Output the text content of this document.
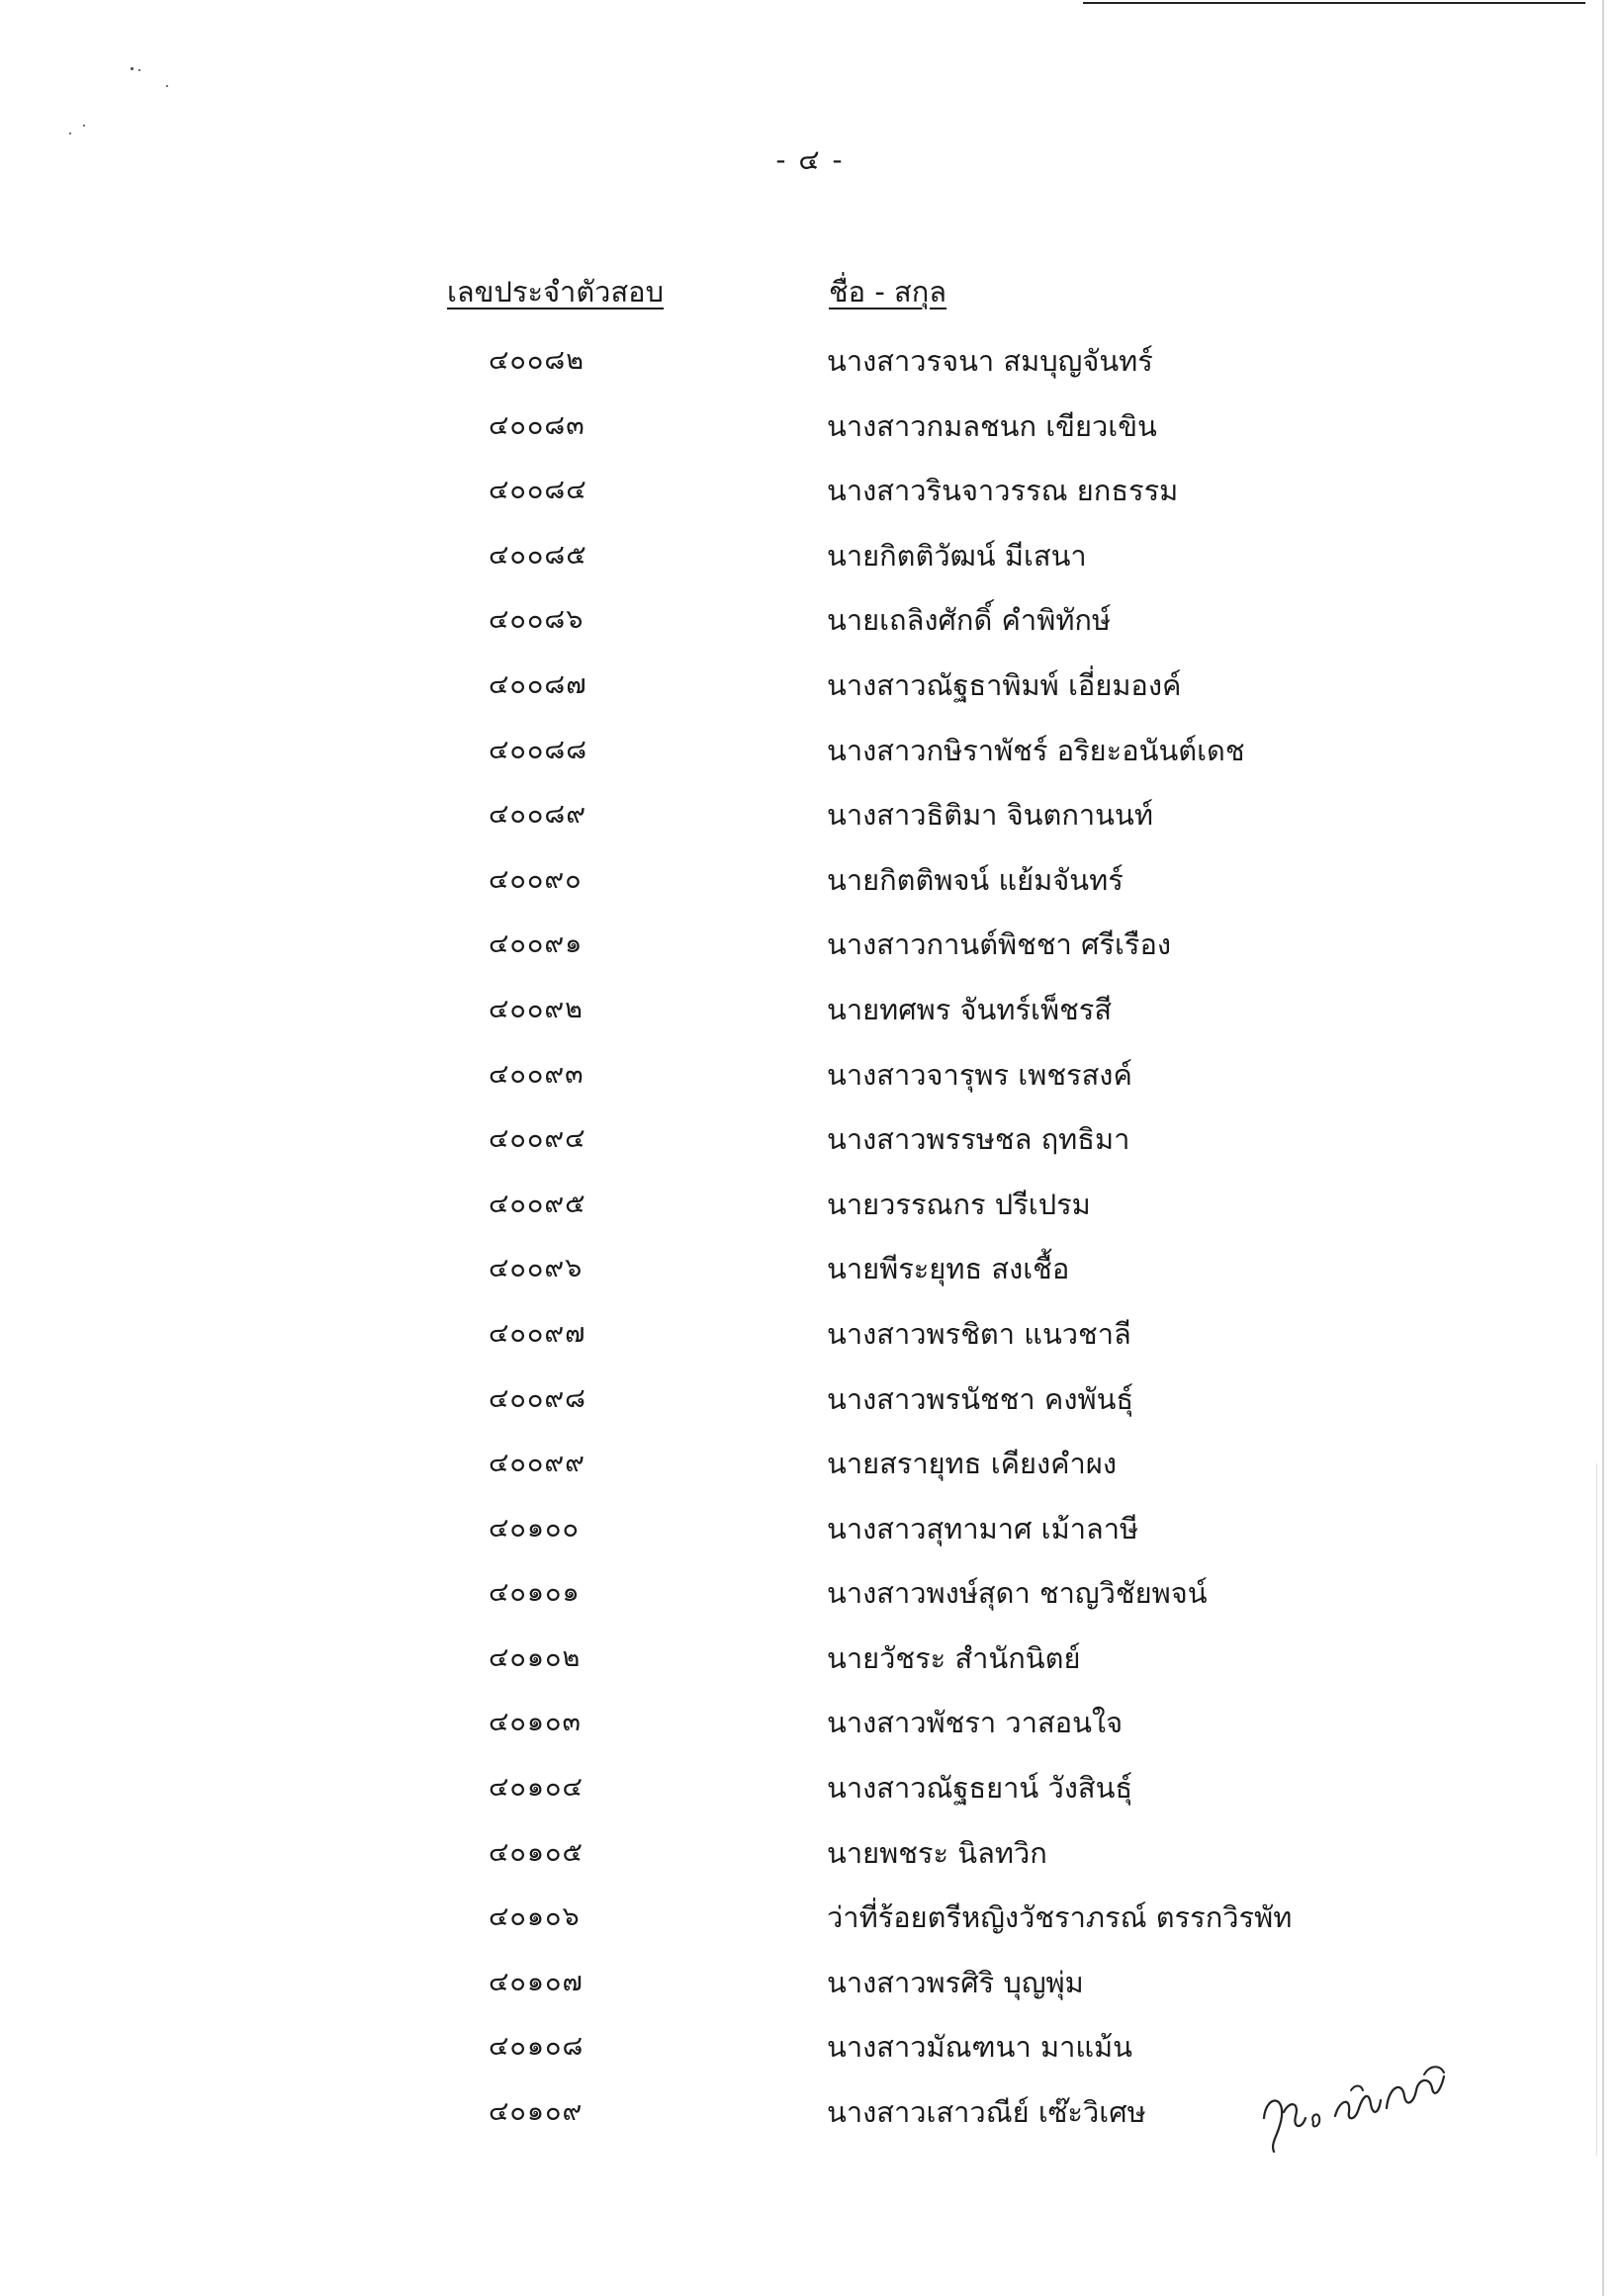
- ๔ -
เลขประจำตัวสอบ	ชื่อ - สกุล
๔๐๐๘๒	นางสาวรจนา สมบุญจันทร์
๔๐๐๘๓	นางสาวกมลชนก เขียวเขิน
๔๐๐๘๔	นางสาวรินจาวรรณ ยกธรรม
๔๐๐๘๕	นายกิตติวัฒน์ มีเสนา
๔๐๐๘๖	นายเถลิงศักดิ์ คำพิทักษ์
๔๐๐๘๗	นางสาวณัฐธาพิมพ์ เอี่ยมองค์
๔๐๐๘๘	นางสาวกษิราพัชร์ อริยะอนันต์เดช
๔๐๐๘๙	นางสาวธิติมา จินตกานนท์
๔๐๐๙๐	นายกิตติพจน์ แย้มจันทร์
๔๐๐๙๑	นางสาวกานต์พิชชา ศรีเรือง
๔๐๐๙๒	นายทศพร จันทร์เพ็ชรสี
๔๐๐๙๓	นางสาวจารุพร เพชรสงค์
๔๐๐๙๔	นางสาวพรรษชล ฤทธิมา
๔๐๐๙๕	นายวรรณกร ปรีเปรม
๔๐๐๙๖	นายพีระยุทธ สงเชื้อ
๔๐๐๙๗	นางสาวพรชิตา แนวชาลี
๔๐๐๙๘	นางสาวพรนัชชา คงพันธุ์
๔๐๐๙๙	นายสรายุทธ เคียงคำผง
๔๐๑๐๐	นางสาวสุทามาศ เม้าลาษี
๔๐๑๐๑	นางสาวพงษ์สุดา ชาญวิชัยพจน์
๔๐๑๐๒	นายวัชระ สำนักนิตย์
๔๐๑๐๓	นางสาวพัชรา วาสอนใจ
๔๐๑๐๔	นางสาวณัฐธยาน์ วังสินธุ์
๔๐๑๐๕	นายพชระ นิลทวิก
๔๐๑๐๖	ว่าที่ร้อยตรีหญิงวัชราภรณ์ ตรรกวิรพัท
๔๐๑๐๗	นางสาวพรศิริ บุญพุ่ม
๔๐๑๐๘	นางสาวมัณฑนา มาแม้น
๔๐๑๐๙	นางสาวเสาวณีย์ เซ๊ะวิเศษ
